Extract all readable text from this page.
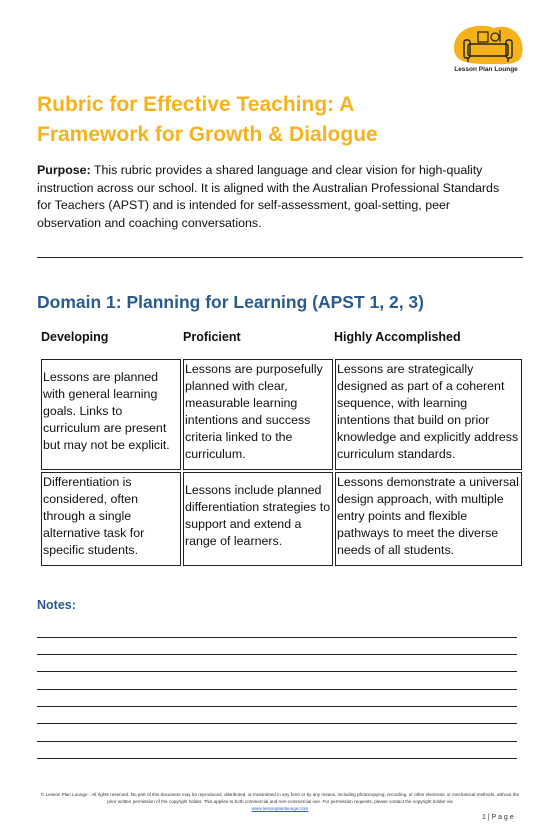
Lesson Plan Lounge
Rubric for Effective Teaching: A Framework for Growth & Dialogue
Purpose: This rubric provides a shared language and clear vision for high-quality instruction across our school. It is aligned with the Australian Professional Standards for Teachers (APST) and is intended for self-assessment, goal-setting, peer observation and coaching conversations.
Domain 1: Planning for Learning (APST 1, 2, 3)
Developing	Proficient	Highly Accomplished
Lessons are planned with general learning goals. Links to curriculum are present but may not be explicit.	Lessons are purposefully planned with clear, measurable learning intentions and success criteria linked to the curriculum.	Lessons are strategically designed as part of a coherent sequence, with learning intentions that build on prior knowledge and explicitly address curriculum standards.
Differentiation is considered, often through a single alternative task for specific students.	Lessons include planned differentiation strategies to support and extend a range of learners.	Lessons demonstrate a universal design approach, with multiple entry points and flexible pathways to meet the diverse needs of all students.
Notes:
© Lesson Plan Lounge - All rights reserved. No part of this document may be reproduced, distributed, or transmitted in any form or by any means, including photocopying, recording, or other electronic or mechanical methods, without the prior written permission of the copyright holder. This applies to both commercial and non-commercial use. For permission requests, please contact the copyright holder via
www.lessonplanlounge.com
1 | P a g e
